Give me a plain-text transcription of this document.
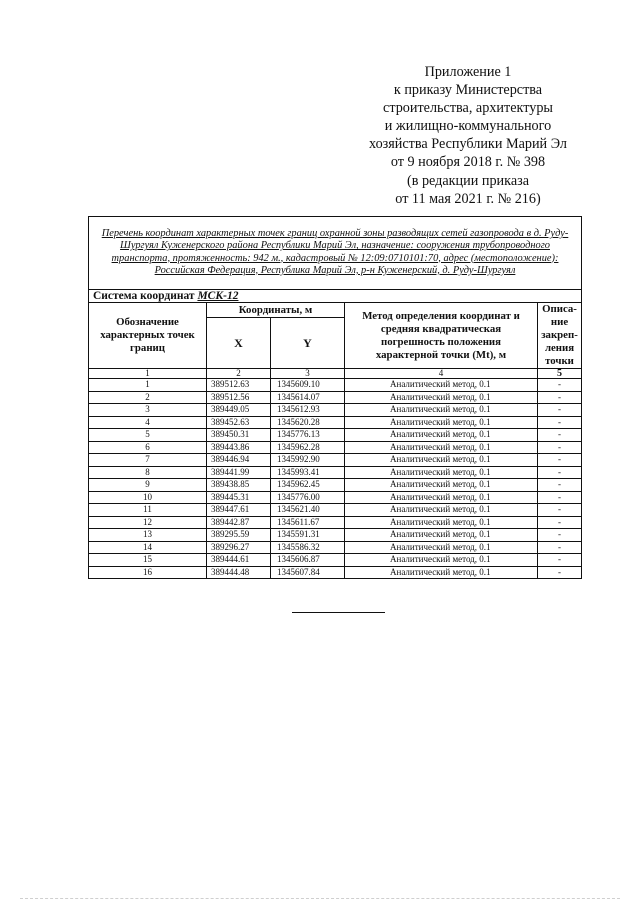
Приложение 1
к приказу Министерства
строительства, архитектуры
и жилищно-коммунального
хозяйства Республики Марий Эл
от 9 ноября 2018 г. № 398
(в редакции приказа
от 11 мая 2021 г. № 216)
Перечень координат характерных точек границ охранной зоны разводящих сетей газопровода в д. Руду-Шургуял Куженерского района Республики Марий Эл, назначение: сооружения трубопроводного транспорта, протяженность: 942 м., кадастровый № 12:09:0710101:70, адрес (местоположение): Российская Федерация, Республика Марий Эл, р-н Куженерский, д. Руду-Шургуял				
Система координат МСК-12				
Обозначение характерных точек границ	Координаты, м		Метод определения координат и средняя квадратическая погрешность положения характерной точки (Mt), м	Описа-ние закреп-ления точки
	X	Y		
1	2	3	4	5
1	389512.63	1345609.10	Аналитический метод, 0.1	-
2	389512.56	1345614.07	Аналитический метод, 0.1	-
3	389449.05	1345612.93	Аналитический метод, 0.1	-
4	389452.63	1345620.28	Аналитический метод, 0.1	-
5	389450.31	1345776.13	Аналитический метод, 0.1	-
6	389443.86	1345962.28	Аналитический метод, 0.1	-
7	389446.94	1345992.90	Аналитический метод, 0.1	-
8	389441.99	1345993.41	Аналитический метод, 0.1	-
9	389438.85	1345962.45	Аналитический метод, 0.1	-
10	389445.31	1345776.00	Аналитический метод, 0.1	-
11	389447.61	1345621.40	Аналитический метод, 0.1	-
12	389442.87	1345611.67	Аналитический метод, 0.1	-
13	389295.59	1345591.31	Аналитический метод, 0.1	-
14	389296.27	1345586.32	Аналитический метод, 0.1	-
15	389444.61	1345606.87	Аналитический метод, 0.1	-
16	389444.48	1345607.84	Аналитический метод, 0.1	-
